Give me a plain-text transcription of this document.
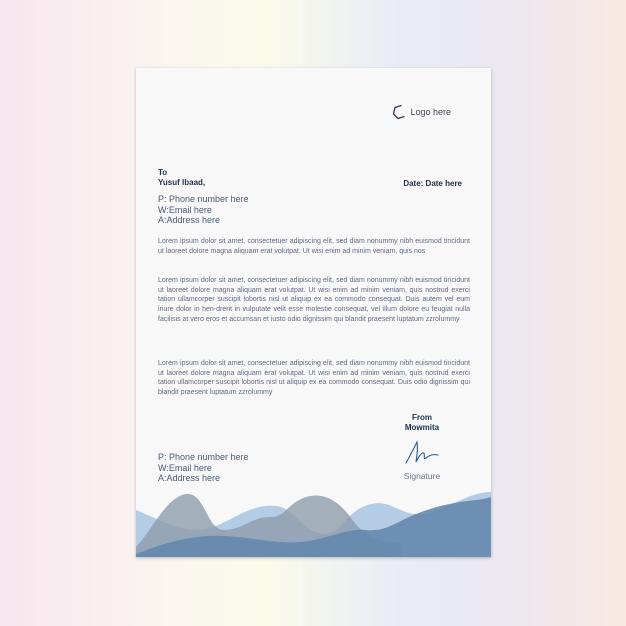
Logo here
To
Yusuf Ibaad,	Date: Date here
P: Phone number here
W:Email here
A:Address here
Lorem ipsum dolor sit amet, consectetuer adipiscing elit, sed diam nonummy nibh euismod tincidunt ut laoreet dolore magna aliquam erat volutpat. Ut wisi enim ad minim veniam, quis nos
Lorem ipsum dolor sit amet, consectetuer adipiscing elit, sed diam nonummy nibh euismod tincidunt ut laoreet dolore magna aliquam erat volutpat. Ut wisi enim ad minim veniam, quis nostrud exerci tation ullamcorper suscipit lobortis nisl ut aliquip ex ea commodo consequat. Duis autem vel eum iriure dolor in hen-drerit in vulputate velit esse molestie consequat, vel illum dolore eu feugiat nulla facilisis at vero eros et accumsan et iusto odio dignissim qui blandit praesent luptatum zzrolummy
Lorem ipsum dolor sit amet, consectetuer adipiscing elit, sed diam nonummy nibh euismod tincidunt ut laoreet dolore magna aliquam erat volutpat. Ut wisi enim ad minim veniam, quis nostrud exerci tation ullamcorper suscipit lobortis nisl ut aliquip ex ea commodo consequat. Duis odio dignissim qui blandit praesent luptatum zzrolummy
From
Mowmita
Signature
P: Phone number here
W:Email here
A:Address here
